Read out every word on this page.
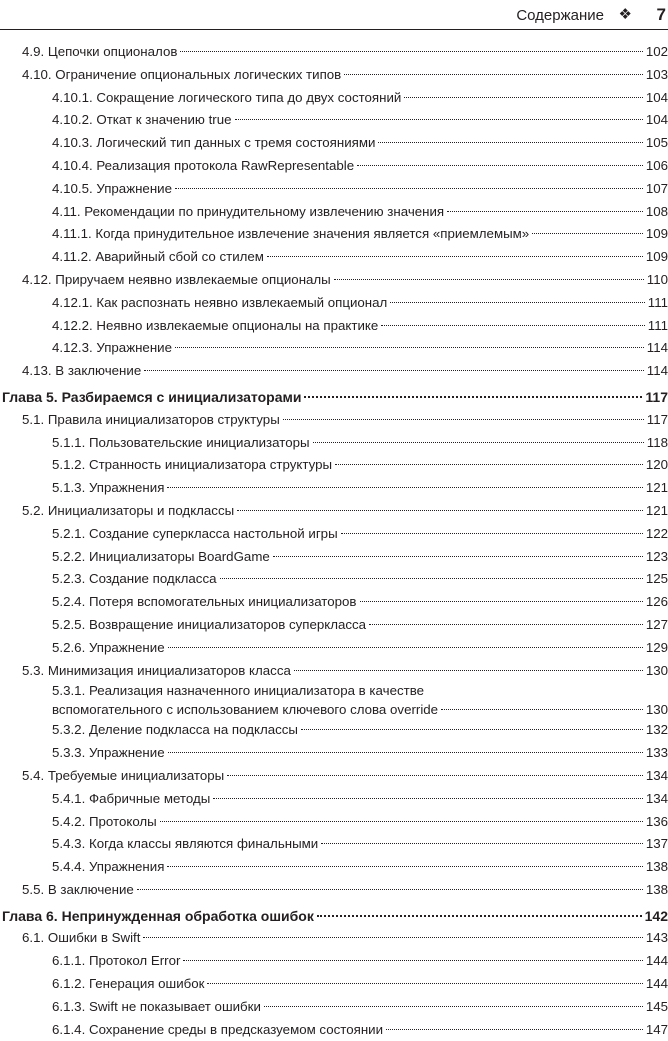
Содержание ❖ 7
4.9. Цепочки опционалов	102
4.10. Ограничение опциональных логических типов	103
4.10.1. Сокращение логического типа до двух состояний	104
4.10.2. Откат к значению true	104
4.10.3. Логический тип данных с тремя состояниями	105
4.10.4. Реализация протокола RawRepresentable	106
4.10.5. Упражнение	107
4.11. Рекомендации по принудительному извлечению значения	108
4.11.1. Когда принудительное извлечение значения является «приемлемым»	109
4.11.2. Аварийный сбой со стилем	109
4.12. Приручаем неявно извлекаемые опционалы	110
4.12.1. Как распознать неявно извлекаемый опционал	111
4.12.2. Неявно извлекаемые опционалы на практике	111
4.12.3. Упражнение	114
4.13. В заключение	114
Глава 5. Разбираемся с инициализаторами	117
5.1. Правила инициализаторов структуры	117
5.1.1. Пользовательские инициализаторы	118
5.1.2. Странность инициализатора структуры	120
5.1.3. Упражнения	121
5.2. Инициализаторы и подклассы	121
5.2.1. Создание суперкласса настольной игры	122
5.2.2. Инициализаторы BoardGame	123
5.2.3. Создание подкласса	125
5.2.4. Потеря вспомогательных инициализаторов	126
5.2.5. Возвращение инициализаторов суперкласса	127
5.2.6. Упражнение	129
5.3. Минимизация инициализаторов класса	130
5.3.1. Реализация назначенного инициализатора в качестве
вспомогательного с использованием ключевого слова override	130
5.3.2. Деление подкласса на подклассы	132
5.3.3. Упражнение	133
5.4. Требуемые инициализаторы	134
5.4.1. Фабричные методы	134
5.4.2. Протоколы	136
5.4.3. Когда классы являются финальными	137
5.4.4. Упражнения	138
5.5. В заключение	138
Глава 6. Непринужденная обработка ошибок	142
6.1. Ошибки в Swift	143
6.1.1. Протокол Error	144
6.1.2. Генерация ошибок	144
6.1.3. Swift не показывает ошибки	145
6.1.4. Сохранение среды в предсказуемом состоянии	147
